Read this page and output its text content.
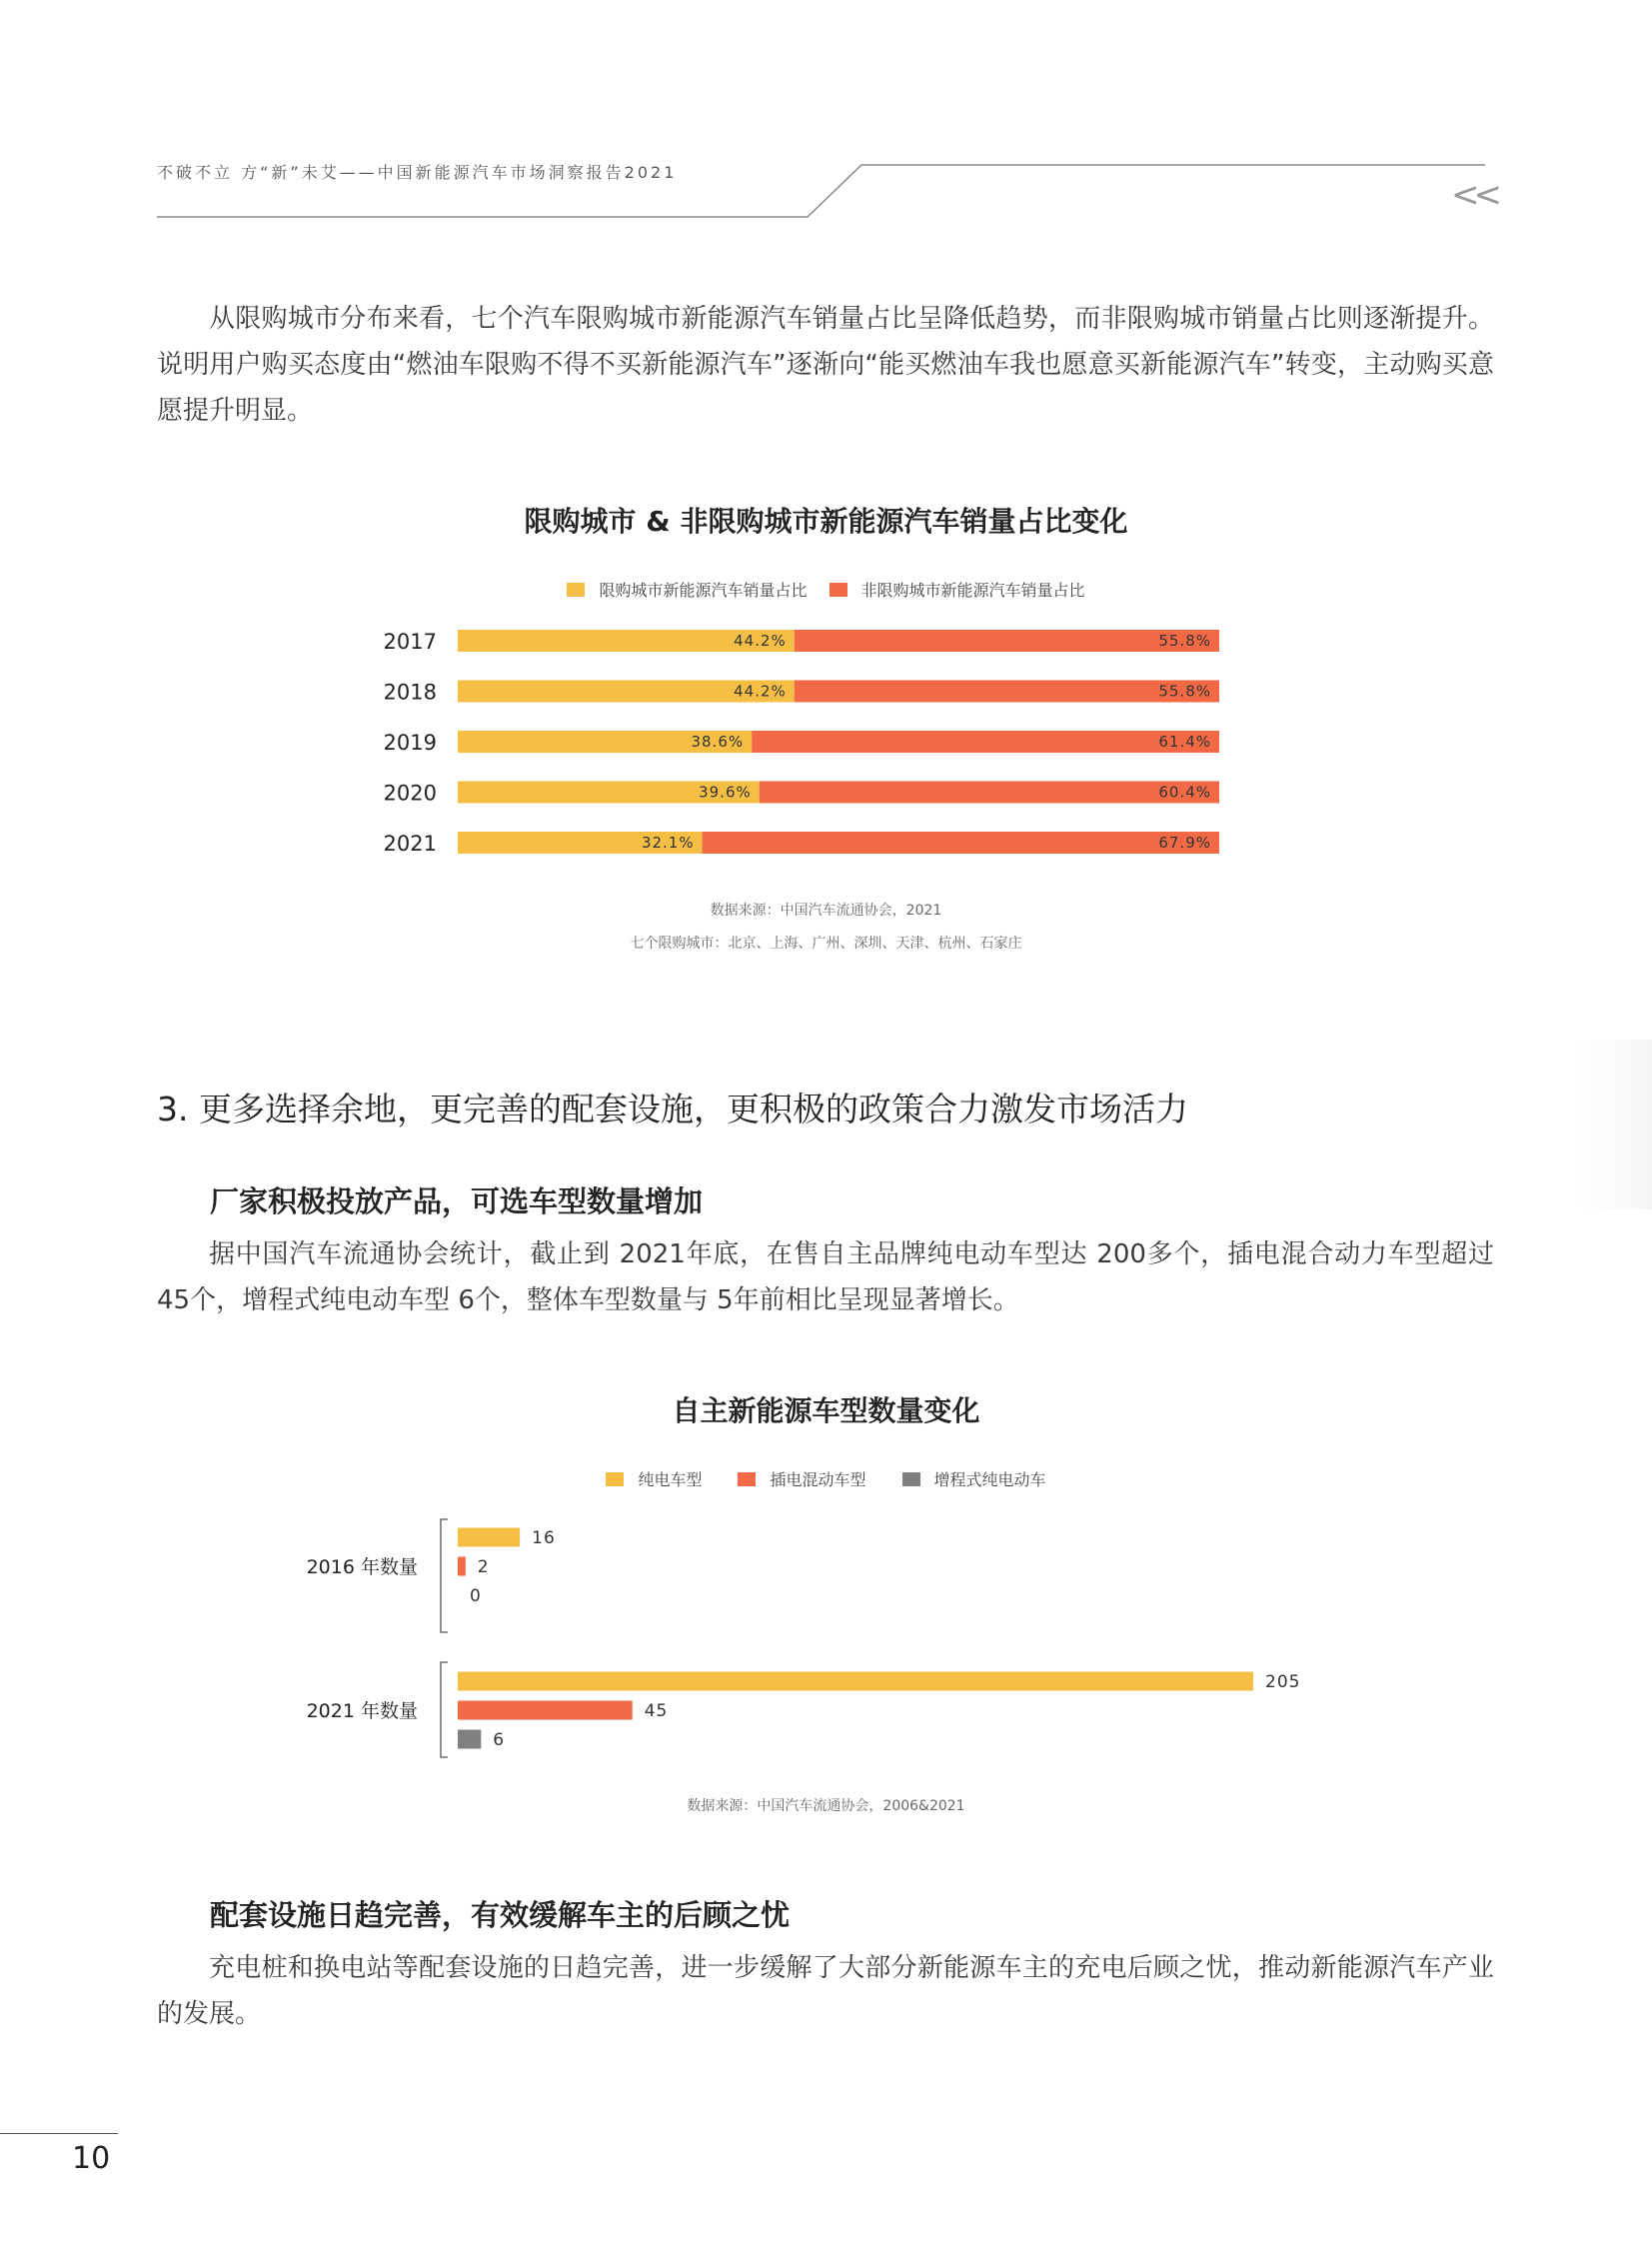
不破不立 方“新”未艾——中国新能源汽车市场洞察报告2021
<<

从限购城市分布来看，七个汽车限购城市新能源汽车销量占比呈降低趋势，而非限购城市销量占比则逐渐提升。说明用户购买态度由“燃油车限购不得不买新能源汽车”逐渐向“能买燃油车我也愿意买新能源汽车”转变，主动购买意愿提升明显。

限购城市 & 非限购城市新能源汽车销量占比变化
限购城市新能源汽车销量占比	非限购城市新能源汽车销量占比
2017	44.2%	55.8%
2018	44.2%	55.8%
2019	38.6%	61.4%
2020	39.6%	60.4%
2021	32.1%	67.9%
数据来源：中国汽车流通协会，2021
七个限购城市：北京、上海、广州、深圳、天津、杭州、石家庄
3. 更多选择余地，更完善的配套设施，更积极的政策合力激发市场活力
厂家积极投放产品，可选车型数量增加

据中国汽车流通协会统计，截止到 2021年底，在售自主品牌纯电动车型达 200多个，插电混合动力车型超过 45个，增程式纯电动车型 6个，整体车型数量与 5年前相比呈现显著增长。

自主新能源车型数量变化
纯电车型	插电混动车型	增程式纯电动车
2016 年数量
16
2
0
2021 年数量
205
45
6
数据来源：中国汽车流通协会，2006&2021
配套设施日趋完善，有效缓解车主的后顾之忧

充电桩和换电站等配套设施的日趋完善，进一步缓解了大部分新能源车主的充电后顾之忧，推动新能源汽车产业的发展。

10
